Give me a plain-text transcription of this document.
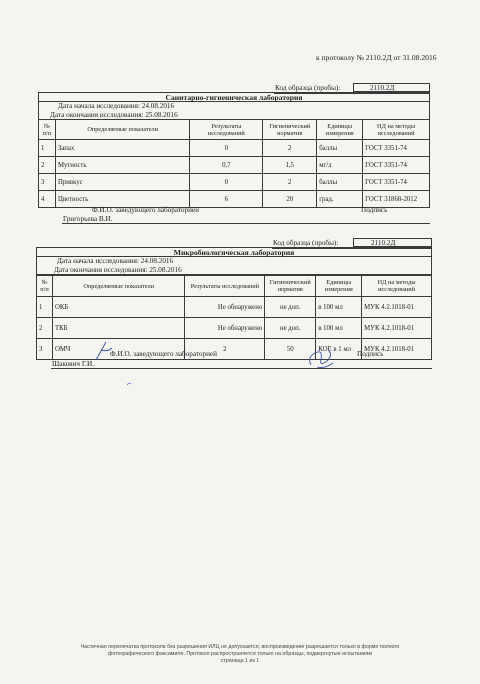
к протоколу № 2110.2Д от 31.08.2016
Код образца (пробы):	2110.2Д
Санитарно-гигиеническая лаборатория
Дата начала исследования: 24.08.2016
Дата окончания исследования: 25.08.2016
№ п/п	Определяемые показатели	Результаты исследований	Гигиенический норматив	Единицы измерения	НД на методы исследований
1	Запах	0	2	баллы	ГОСТ 3351-74
2	Мутность	0,7	1,5	мг/л	ГОСТ 3351-74
3	Привкус	0	2	баллы	ГОСТ 3351-74
4	Цветность	6	20	град.	ГОСТ 31868-2012
Ф.И.О. заведующего лабораторией
Григорьева В.И.
Подпись
Код образца (пробы):	2110.2Д
Микробиологическая лаборатория
Дата начала исследования: 24.08.2016
Дата окончания исследования: 25.08.2016
№ п/п	Определяемые показатели	Результаты исследований	Гигиенический норматив	Единицы измерения	НД на методы исследований
1	ОКБ	Не обнаружено	не доп.	в 100 мл	МУК 4.2.1018-01
2	ТКБ	Не обнаружено	не доп.	в 100 мл	МУК 4.2.1018-01
3	ОМЧ	2	50	КОЕ в 1 мл	МУК 4.2.1018-01
Ф.И.О. заведующего лабораторией
Шакович Г.И.
Подпись
Частичная перепечатка протокола без разрешения ИЛЦ не допускается, воспроизведение разрешается только в форме полного
фотографического факсимиле. Протокол распространяется только на образцы, подвергнутые испытаниям
страница 1 из 1
